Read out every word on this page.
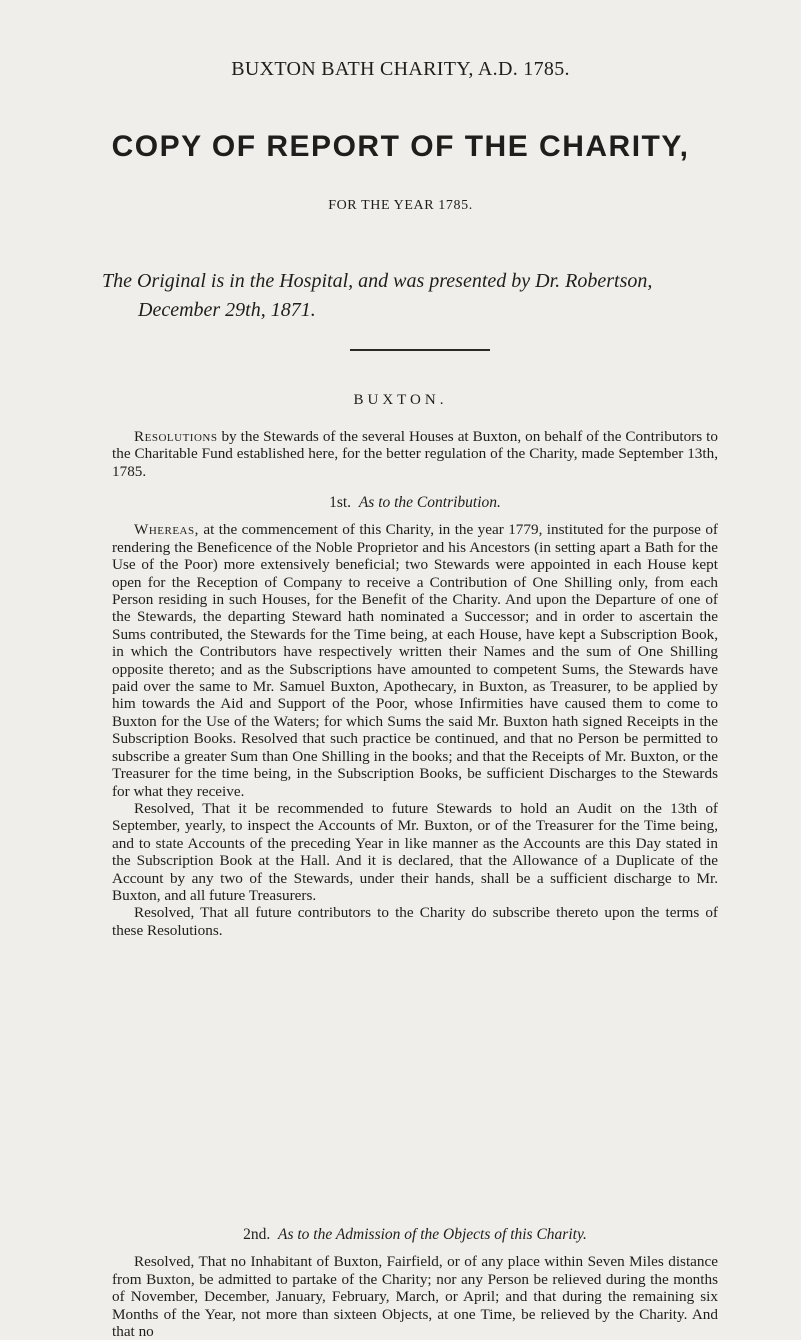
BUXTON BATH CHARITY, A.D. 1785.
COPY OF REPORT OF THE CHARITY,
FOR THE YEAR 1785.
The Original is in the Hospital, and was presented by Dr. Robertson,
December 29th, 1871.
BUXTON.

Resolutions by the Stewards of the several Houses at Buxton, on behalf of the Contributors to the Charitable Fund established here, for the better regulation of the Charity, made September 13th, 1785.

1st. As to the Contribution.

Whereas, at the commencement of this Charity, in the year 1779, instituted for the purpose of rendering the Beneficence of the Noble Proprietor and his Ancestors (in setting apart a Bath for the Use of the Poor) more extensively beneficial; two Stewards were appointed in each House kept open for the Reception of Company to receive a Contribution of One Shilling only, from each Person residing in such Houses, for the Benefit of the Charity. And upon the Departure of one of the Stewards, the departing Steward hath nominated a Successor; and in order to ascertain the Sums contributed, the Stewards for the Time being, at each House, have kept a Subscription Book, in which the Contributors have respectively written their Names and the sum of One Shilling opposite thereto; and as the Subscriptions have amounted to competent Sums, the Stewards have paid over the same to Mr. Samuel Buxton, Apothecary, in Buxton, as Treasurer, to be applied by him towards the Aid and Support of the Poor, whose Infirmities have caused them to come to Buxton for the Use of the Waters; for which Sums the said Mr. Buxton hath signed Receipts in the Subscription Books. Resolved that such practice be continued, and that no Person be permitted to subscribe a greater Sum than One Shilling in the books; and that the Receipts of Mr. Buxton, or the Treasurer for the time being, in the Subscription Books, be sufficient Discharges to the Stewards for what they receive.

Resolved, That it be recommended to future Stewards to hold an Audit on the 13th of September, yearly, to inspect the Accounts of Mr. Buxton, or of the Treasurer for the Time being, and to state Accounts of the preceding Year in like manner as the Accounts are this Day stated in the Subscription Book at the Hall. And it is declared, that the Allowance of a Duplicate of the Account by any two of the Stewards, under their hands, shall be a sufficient discharge to Mr. Buxton, and all future Treasurers.

Resolved, That all future contributors to the Charity do subscribe thereto upon the terms of these Resolutions.

2nd. As to the Admission of the Objects of this Charity.

Resolved, That no Inhabitant of Buxton, Fairfield, or of any place within Seven Miles distance from Buxton, be admitted to partake of the Charity; nor any Person be relieved during the months of November, December, January, February, March, or April; and that during the remaining six Months of the Year, not more than sixteen Objects, at one Time, be relieved by the Charity. And that no
